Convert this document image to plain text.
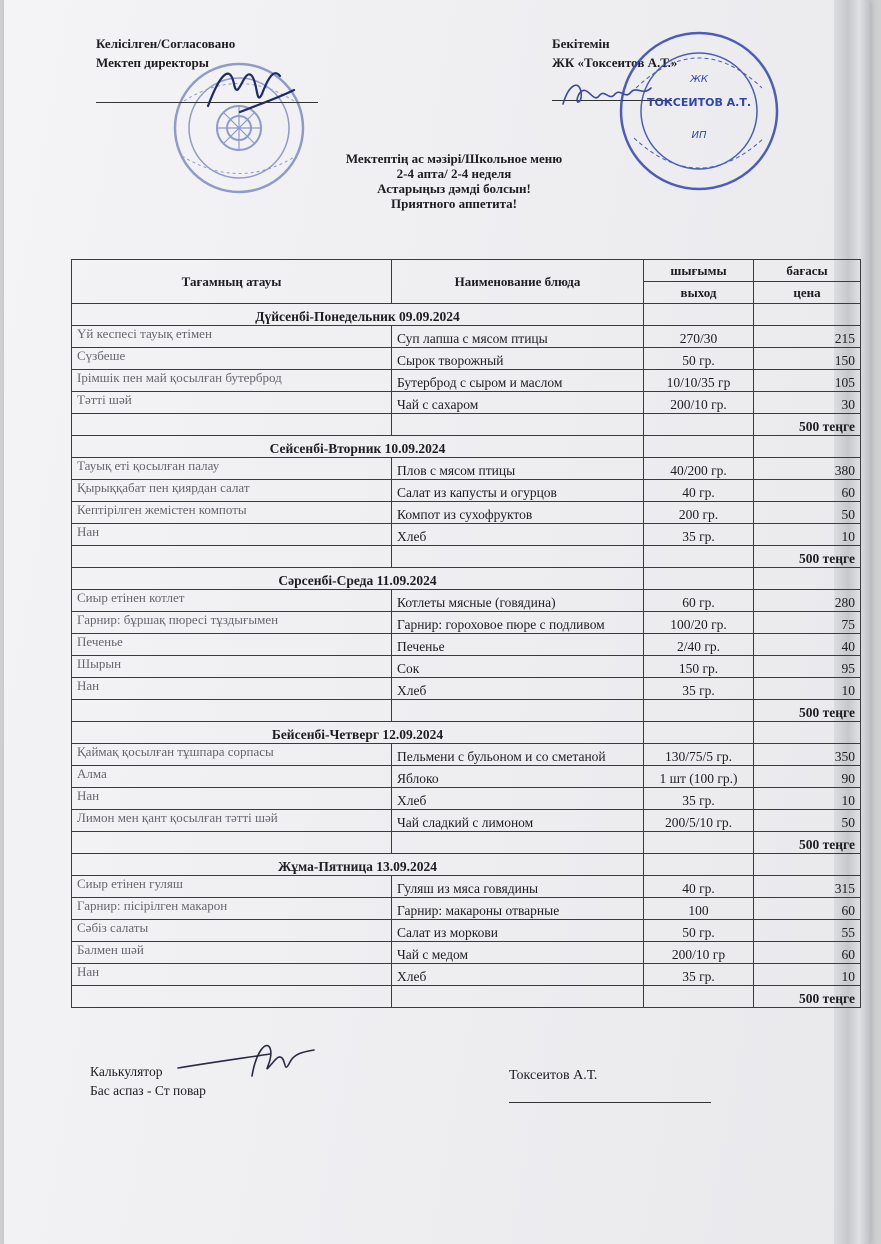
Келісілген/Согласовано
Мектеп директоры
Бекітемін
ЖК «Токсеитов А.Т.»
ЖК
ТОКСЕИТОВ А.Т.
ИП
Мектептің ас мәзірі/Школьное меню
2-4 апта/ 2-4 неделя
Астарыңыз дәмді болсын!
Приятного аппетита!
Тағамның атауы	Наименование блюда	шығымы	бағасы
		выход	цена
Дүйсенбі-Понедельник 09.09.2024			
Үй кеспесі тауық етімен	Суп лапша с мясом птицы	270/30	215
Сүзбеше	Сырок творожный	50 гр.	150
Ірімшік пен май қосылған бутерброд	Бутерброд с сыром и маслом	10/10/35 гр	105
Тәтті шәй	Чай с сахаром	200/10 гр.	30
			500 теңге
Сейсенбі-Вторник 10.09.2024			
Тауық еті қосылған палау	Плов с мясом птицы	40/200 гр.	380
Қырыққабат пен қиярдан салат	Салат из капусты и огурцов	40 гр.	60
Кептірілген жемістен компоты	Компот из сухофруктов	200 гр.	50
Нан	Хлеб	35 гр.	10
			500 теңге
Сәрсенбі-Среда 11.09.2024			
Сиыр етінен котлет	Котлеты мясные (говядина)	60 гр.	280
Гарнир: бұршақ пюресі тұздығымен	Гарнир: гороховое пюре с подливом	100/20 гр.	75
Печенье	Печенье	2/40 гр.	40
Шырын	Сок	150 гр.	95
Нан	Хлеб	35 гр.	10
			500 теңге
Бейсенбі-Четверг 12.09.2024			
Қаймақ қосылған тұшпара сорпасы	Пельмени с бульоном и со сметаной	130/75/5 гр.	350
Алма	Яблоко	1 шт (100 гр.)	90
Нан	Хлеб	35 гр.	10
Лимон мен қант қосылған тәтті шәй	Чай сладкий с лимоном	200/5/10 гр.	50
			500 теңге
Жұма-Пятница 13.09.2024			
Сиыр етінен гуляш	Гуляш из мяса говядины	40 гр.	315
Гарнир: пісірілген макарон	Гарнир: макароны отварные	100	60
Сәбіз салаты	Салат из моркови	50 гр.	55
Балмен шәй	Чай с медом	200/10 гр	60
Нан	Хлеб	35 гр.	10
			500 теңге
Калькулятор
Бас аспаз - Ст повар
Токсеитов А.Т.
